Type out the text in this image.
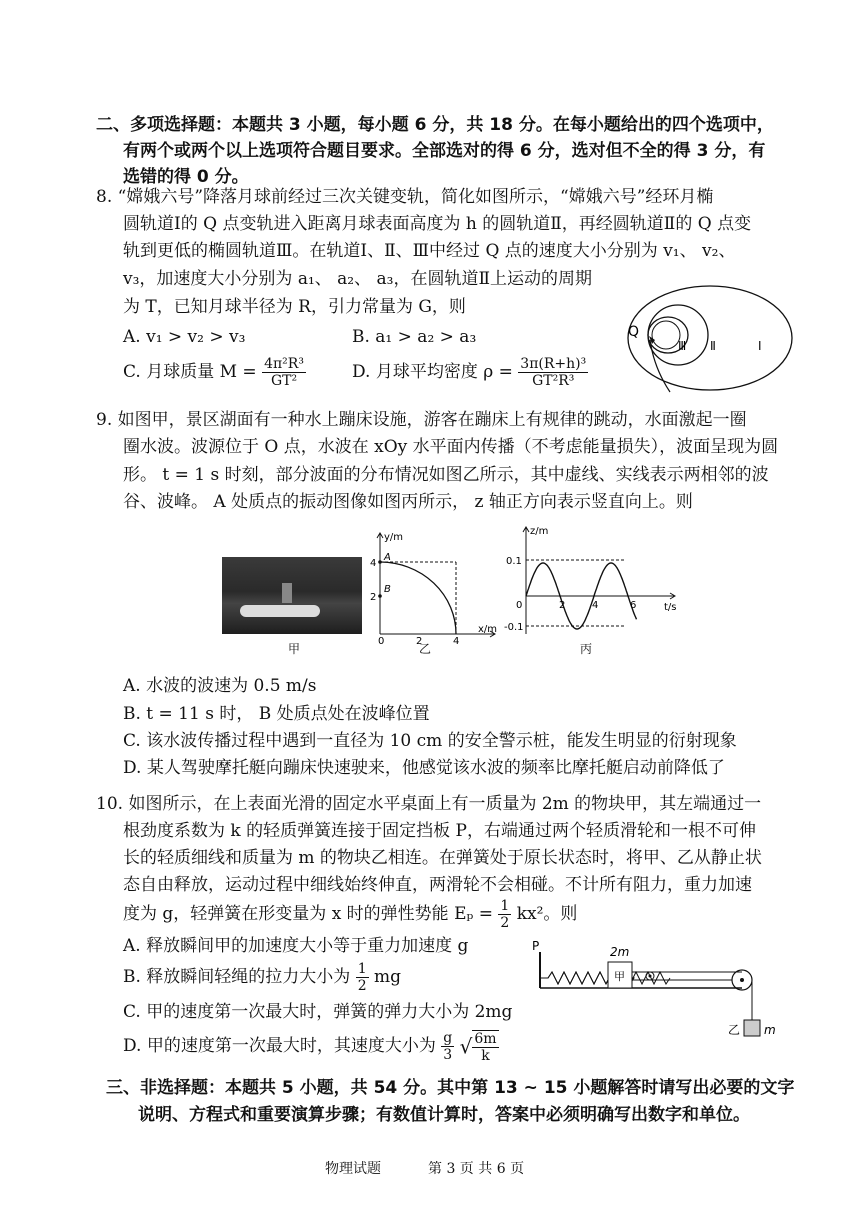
二、多项选择题：本题共 3 小题，每小题 6 分，共 18 分。在每小题给出的四个选项中，
有两个或两个以上选项符合题目要求。全部选对的得 6 分，选对但不全的得 3 分，有
选错的得 0 分。
8. “嫦娥六号”降落月球前经过三次关键变轨，简化如图所示，“嫦娥六号”经环月椭
圆轨道Ⅰ的 Q 点变轨进入距离月球表面高度为 h 的圆轨道Ⅱ，再经圆轨道Ⅱ的 Q 点变
轨到更低的椭圆轨道Ⅲ。在轨道Ⅰ、Ⅱ、Ⅲ中经过 Q 点的速度大小分别为 v₁、 v₂、
v₃，加速度大小分别为 a₁、 a₂、 a₃，在圆轨道Ⅱ上运动的周期
为 T，已知月球半径为 R，引力常量为 G，则
A. v₁ > v₂ > v₃	B. a₁ > a₂ > a₃
C. 月球质量 $M = \frac{\text{4π²R³}}{\text{GT²}}$	D. 月球平均密度 $\rho = \frac{\text{3π(R+h)³}}{\text{GT²R³}}$
Q
Ⅲ Ⅱ	Ⅰ
9. 如图甲，景区湖面有一种水上蹦床设施，游客在蹦床上有规律的跳动，水面激起一圈
圈水波。波源位于 O 点，水波在 xOy 水平面内传播（不考虑能量损失），波面呈现为圆
形。 t = 1 s 时刻，部分波面的分布情况如图乙所示，其中虚线、实线表示两相邻的波
谷、波峰。 A 处质点的振动图像如图丙所示， z 轴正方向表示竖直向上。则
甲
y/m
x/m
A
B
4
2
0	2	4
乙
z/m
t/s
0.1
-0.1
0	2	4	6
丙
A. 水波的波速为 0.5 m/s
B. t = 11 s 时， B 处质点处在波峰位置
C. 该水波传播过程中遇到一直径为 10 cm 的安全警示桩，能发生明显的衍射现象
D. 某人驾驶摩托艇向蹦床快速驶来，他感觉该水波的频率比摩托艇启动前降低了
10. 如图所示，在上表面光滑的固定水平桌面上有一质量为 2m 的物块甲，其左端通过一
根劲度系数为 k 的轻质弹簧连接于固定挡板 P，右端通过两个轻质滑轮和一根不可伸
长的轻质细线和质量为 m 的物块乙相连。在弹簧处于原长状态时，将甲、乙从静止状
态自由释放，运动过程中细线始终伸直，两滑轮不会相碰。不计所有阻力，重力加速
度为 g，轻弹簧在形变量为 x 时的弹性势能 $E_p = \frac{1}{2} kx^2$。则
A. 释放瞬间甲的加速度大小等于重力加速度 g
B. 释放瞬间轻绳的拉力大小为 $\frac{1}{2}$ mg
C. 甲的速度第一次最大时，弹簧的弹力大小为 2mg
D. 甲的速度第一次最大时，其速度大小为 $\frac{g}{3}$ √ $\frac{6m}{k}$
P	2m
甲
乙 m
三、非选择题：本题共 5 小题，共 54 分。其中第 13 ~ 15 小题解答时请写出必要的文字
说明、方程式和重要演算步骤；有数值计算时，答案中必须明确写出数字和单位。
物理试题	第 3 页 共 6 页
